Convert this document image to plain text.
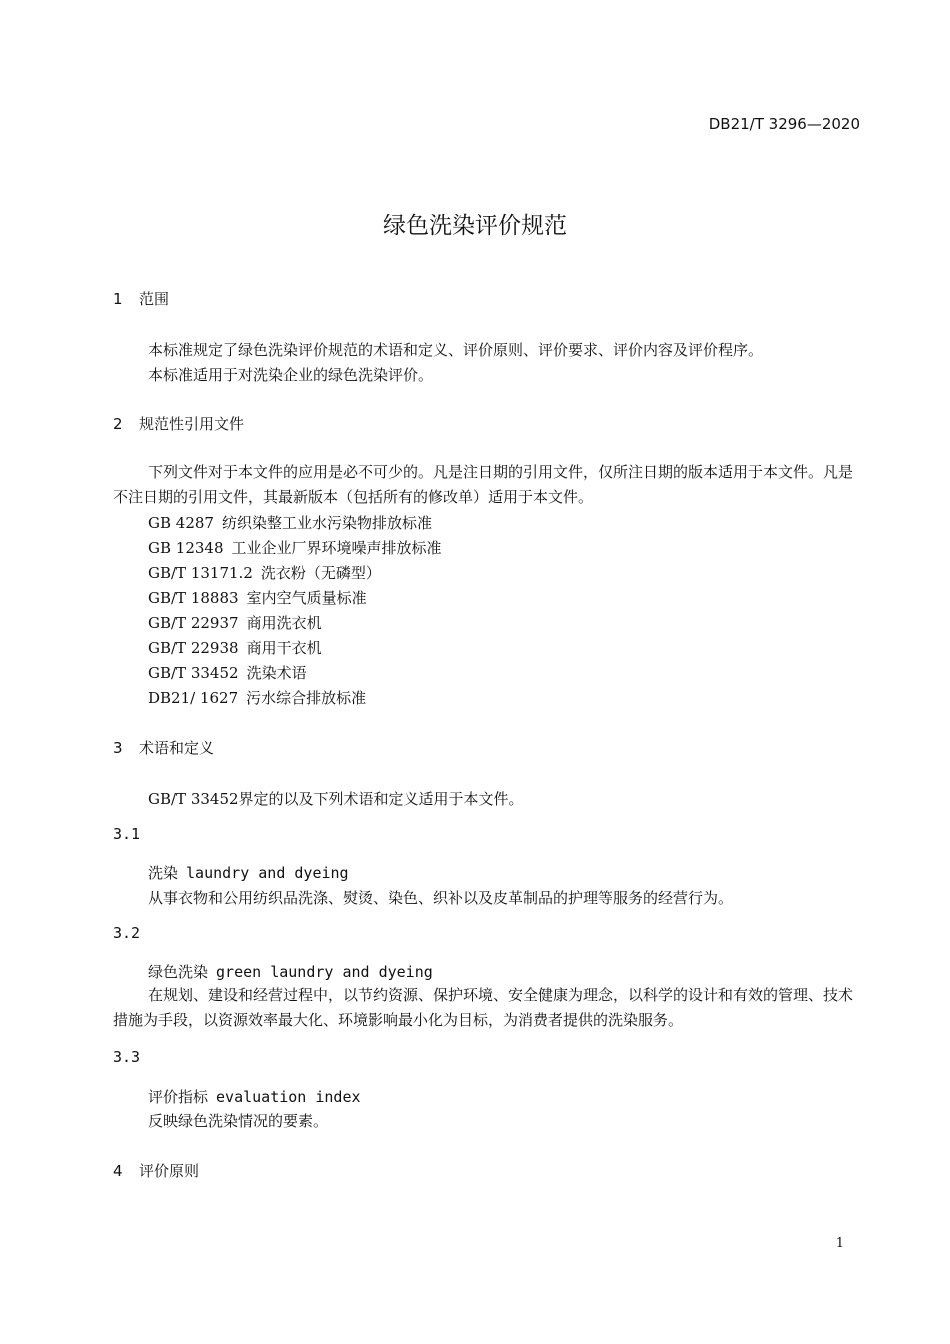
DB21/T 3296—2020
绿色洗染评价规范
1 范围
本标准规定了绿色洗染评价规范的术语和定义、评价原则、评价要求、评价内容及评价程序。
本标准适用于对洗染企业的绿色洗染评价。
2 规范性引用文件
下列文件对于本文件的应用是必不可少的。凡是注日期的引用文件，仅所注日期的版本适用于本文件。凡是不注日期的引用文件，其最新版本（包括所有的修改单）适用于本文件。
GB 4287 纺织染整工业水污染物排放标准
GB 12348 工业企业厂界环境噪声排放标准
GB/T 13171.2 洗衣粉（无磷型）
GB/T 18883 室内空气质量标准
GB/T 22937 商用洗衣机
GB/T 22938 商用干衣机
GB/T 33452 洗染术语
DB21/ 1627 污水综合排放标准
3 术语和定义
GB/T 33452界定的以及下列术语和定义适用于本文件。
3.1
洗染 laundry and dyeing
从事衣物和公用纺织品洗涤、熨烫、染色、织补以及皮革制品的护理等服务的经营行为。
3.2
绿色洗染 green laundry and dyeing
在规划、建设和经营过程中，以节约资源、保护环境、安全健康为理念，以科学的设计和有效的管理、技术措施为手段，以资源效率最大化、环境影响最小化为目标，为消费者提供的洗染服务。
3.3
评价指标 evaluation index
反映绿色洗染情况的要素。
4 评价原则
1
